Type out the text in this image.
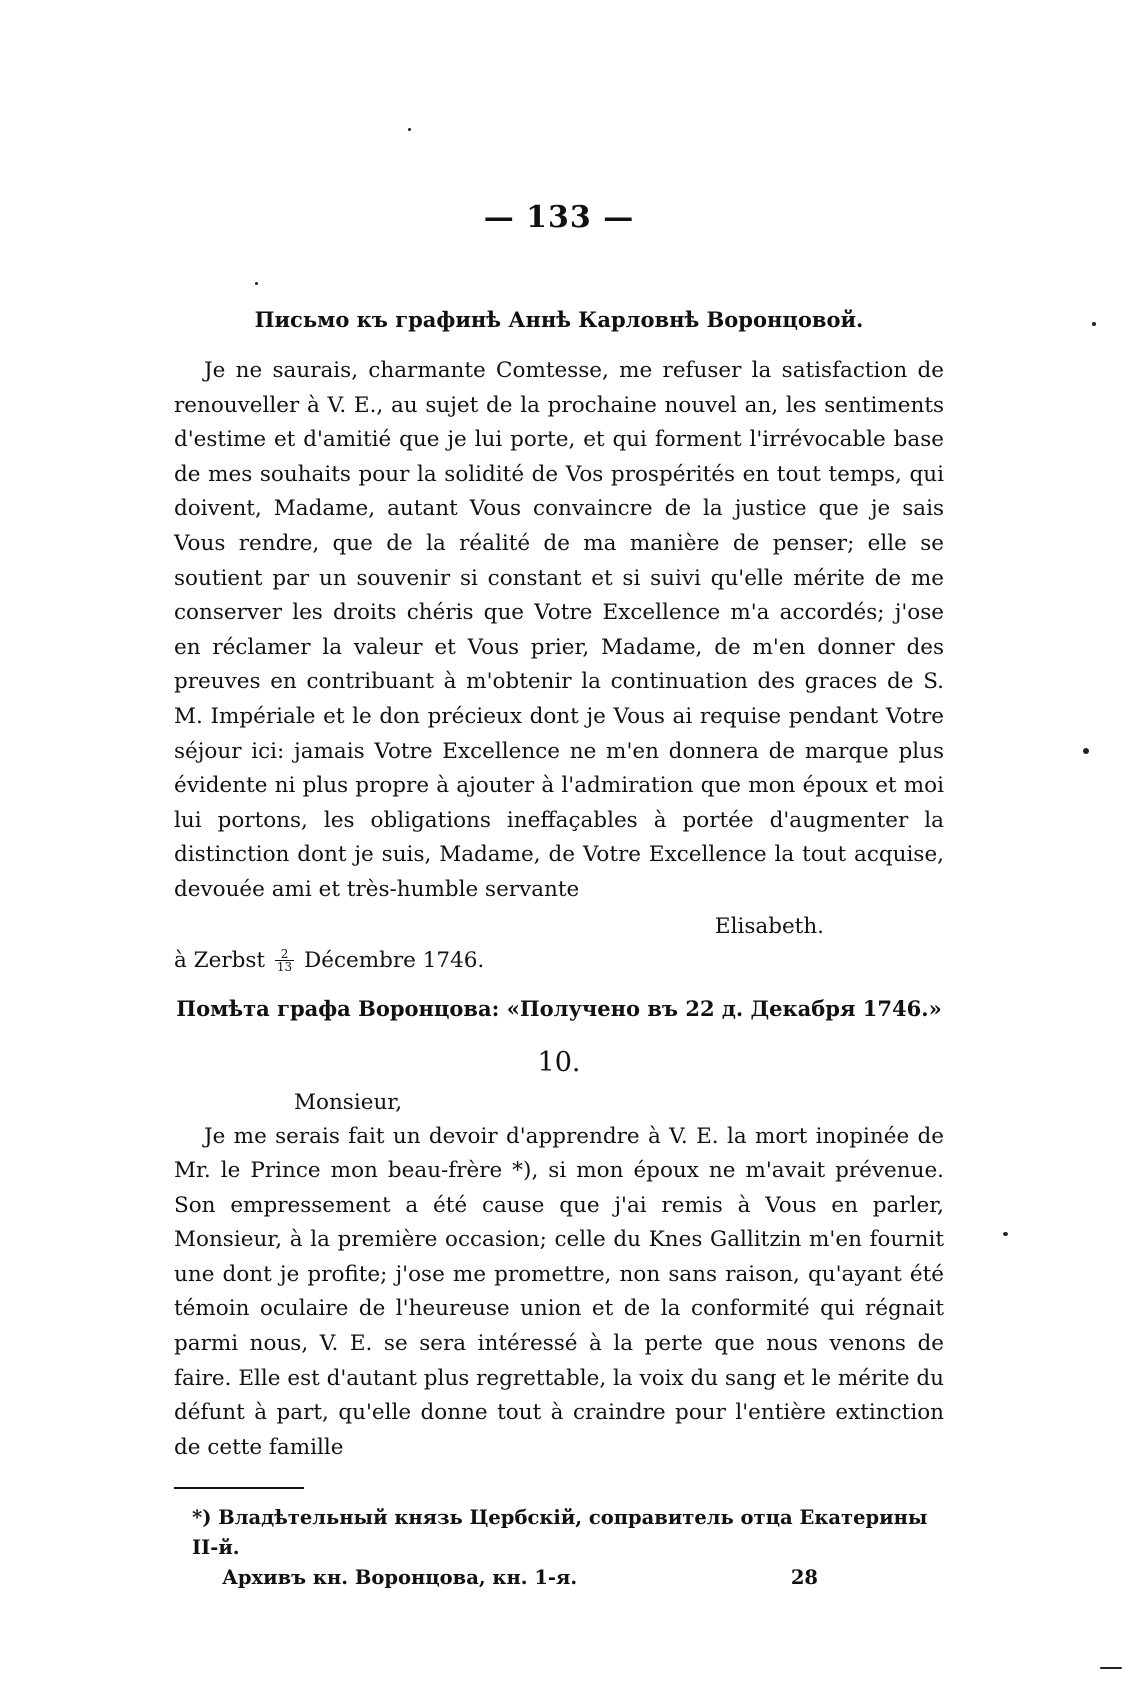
— 133 —
Письмо къ графинѣ Аннѣ Карловнѣ Воронцовой.

Je ne saurais, charmante Comtesse, me refuser la satisfaction de renouveller à V. E., au sujet de la prochaine nouvel an, les sentiments d'estime et d'amitié que je lui porte, et qui forment l'irrévocable base de mes souhaits pour la solidité de Vos prospérités en tout temps, qui doivent, Madame, autant Vous convaincre de la justice que je sais Vous rendre, que de la réalité de ma manière de penser; elle se soutient par un souvenir si constant et si suivi qu'elle mérite de me conserver les droits chéris que Votre Excellence m'a accordés; j'ose en réclamer la valeur et Vous prier, Madame, de m'en donner des preuves en contribuant à m'obtenir la continuation des graces de S. M. Impériale et le don précieux dont je Vous ai requise pendant Votre séjour ici: jamais Votre Excellence ne m'en donnera de marque plus évidente ni plus propre à ajouter à l'admiration que mon époux et moi lui portons, les obligations ineffaçables à portée d'augmenter la distinction dont je suis, Madame, de Votre Excellence la tout acquise, devouée ami et très-humble servante

Elisabeth.
à Zerbst $\frac{2}{13}$ Décembre 1746.
Помѣта графа Воронцова: «Получено въ 22 д. Декабря 1746.»
10.
Monsieur,

Je me serais fait un devoir d'apprendre à V. E. la mort inopinée de Mr. le Prince mon beau-frère *), si mon époux ne m'avait prévenue. Son empressement a été cause que j'ai remis à Vous en parler, Monsieur, à la première occasion; celle du Knes Gallitzin m'en fournit une dont je profite; j'ose me promettre, non sans raison, qu'ayant été témoin oculaire de l'heureuse union et de la conformité qui régnait parmi nous, V. E. se sera intéressé à la perte que nous venons de faire. Elle est d'autant plus regrettable, la voix du sang et le mérite du défunt à part, qu'elle donne tout à craindre pour l'entière extinction de cette famille

*) Владѣтельный князь Цербскій, соправитель отца Екатерины II-й.
Архивъ кн. Воронцова, кн. 1-я.	28
